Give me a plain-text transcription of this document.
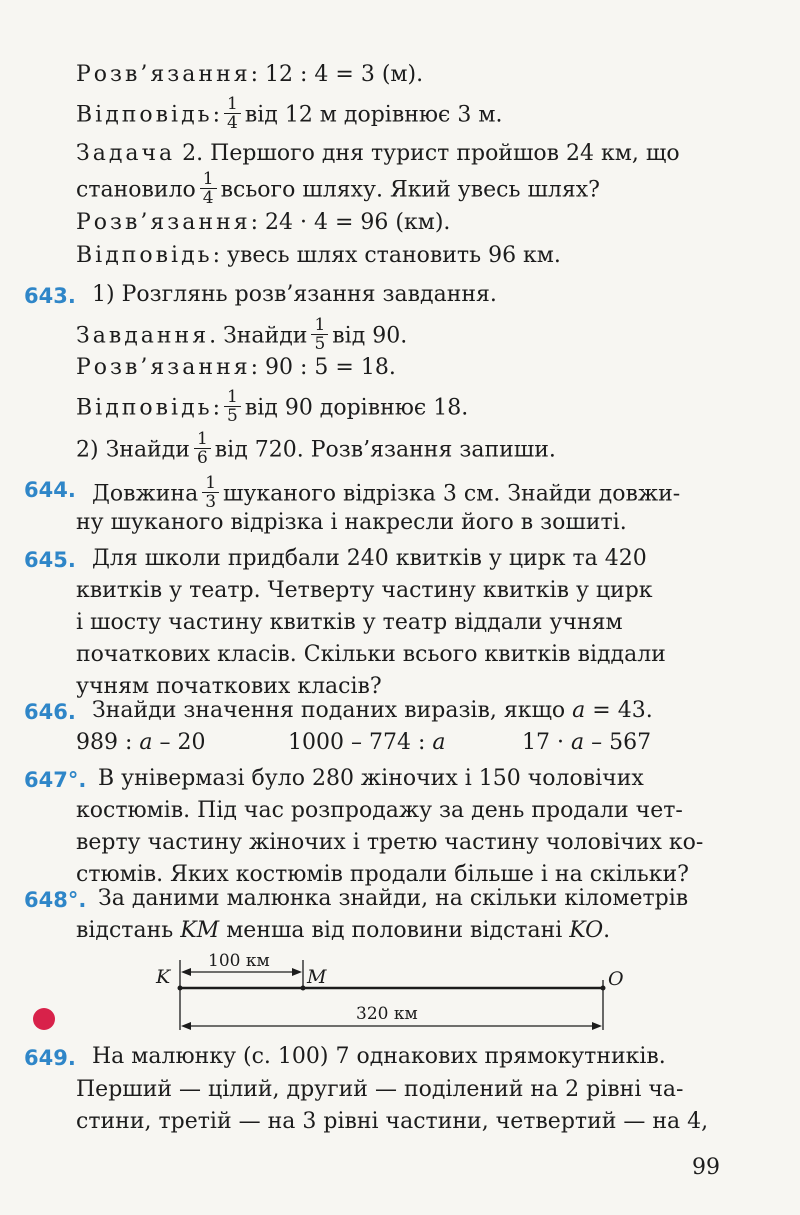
Розв’язання: 12 : 4 = 3 (м).
Відповідь: $\frac{1}{4}$ від 12 м дорівнює 3 м.
Задача 2. Першого дня турист пройшов 24 км, що
становило $\frac{1}{4}$ всього шляху. Який увесь шлях?
Розв’язання: 24 · 4 = 96 (км).
Відповідь: увесь шлях становить 96 км.
643. 1) Розглянь розв’язання завдання.
Завдання. Знайди $\frac{1}{5}$ від 90.
Розв’язання: 90 : 5 = 18.
Відповідь: $\frac{1}{5}$ від 90 дорівнює 18.
2) Знайди $\frac{1}{6}$ від 720. Розв’язання запиши.
644. Довжина $\frac{1}{3}$ шуканого відрізка 3 см. Знайди довжи-
ну шуканого відрізка і накресли його в зошиті.
645. Для школи придбали 240 квитків у цирк та 420
квитків у театр. Четверту частину квитків у цирк
і шосту частину квитків у театр віддали учням
початкових класів. Скільки всього квитків віддали
учням початкових класів?
646. Знайди значення поданих виразів, якщо a = 43.
989 : a – 20	1000 – 774 : a	17 · a – 567
647°. В універмазі було 280 жіночих і 150 чоловічих
костюмів. Під час розпродажу за день продали чет-
верту частину жіночих і третю частину чоловічих ко-
стюмів. Яких костюмів продали більше і на скільки?
648°. За даними малюнка знайди, на скільки кілометрів
відстань KM менша від половини відстані KO.
K	M	O
100 км
320 км
649. На малюнку (с. 100) 7 однакових прямокутників.
Перший — цілий, другий — поділений на 2 рівні ча-
стини, третій — на 3 рівні частини, четвертий — на 4,
99
